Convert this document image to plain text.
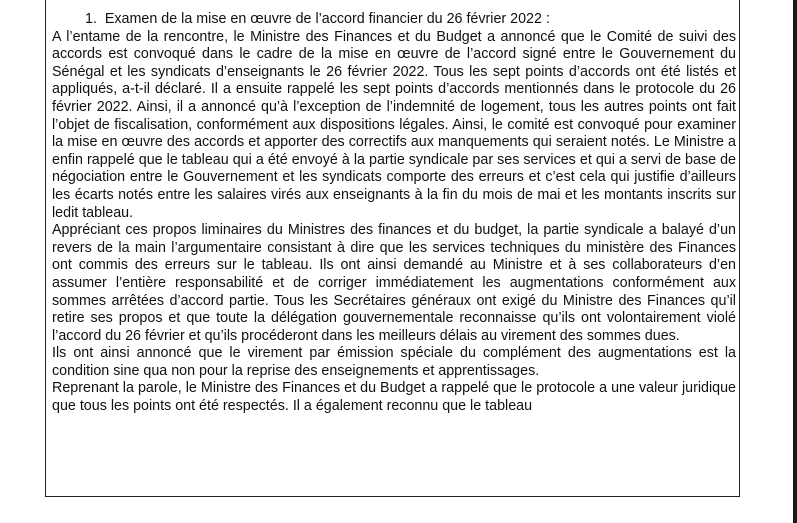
1.  Examen de la mise en œuvre de l’accord financier du 26 février 2022 :

A l’entame de la rencontre, le Ministre des Finances et du Budget a annoncé que le Comité de suivi des accords est convoqué dans le cadre de la mise en œuvre de l’accord signé entre le Gouvernement du Sénégal et les syndicats d’enseignants le 26 février 2022. Tous les sept points d’accords ont été listés et appliqués, a-t-il déclaré. Il a ensuite rappelé les sept points d’accords mentionnés dans le protocole du 26 février 2022. Ainsi, il a annoncé qu’à l’exception de l’indemnité de logement, tous les autres points ont fait l’objet de fiscalisation, conformément aux dispositions légales. Ainsi, le comité est convoqué pour examiner la mise en œuvre des accords et apporter des correctifs aux manquements qui seraient notés. Le Ministre a enfin rappelé que le tableau qui a été envoyé à la partie syndicale par ses services et qui a servi de base de négociation entre le Gouvernement et les syndicats comporte des erreurs et c’est cela qui justifie d’ailleurs les écarts notés entre les salaires virés aux enseignants à la fin du mois de mai et les montants inscrits sur ledit tableau.

Appréciant ces propos liminaires du Ministres des finances et du budget, la partie syndicale a balayé d’un revers de la main l’argumentaire consistant à dire que les services techniques du ministère des Finances ont commis des erreurs sur le tableau. Ils ont ainsi demandé au Ministre et à ses collaborateurs d’en assumer l’entière responsabilité et de corriger immédiatement les augmentations conformément aux sommes arrêtées d’accord partie. Tous les Secrétaires généraux ont exigé du Ministre des Finances qu’il retire ses propos et que toute la délégation gouvernementale reconnaisse qu’ils ont volontairement violé l’accord du 26 février et qu’ils procéderont dans les meilleurs délais au virement des sommes dues.

Ils ont ainsi annoncé que le virement par émission spéciale du complément des augmentations est la condition sine qua non pour la reprise des enseignements et apprentissages.

Reprenant la parole, le Ministre des Finances et du Budget a rappelé que le protocole a une valeur juridique que tous les points ont été respectés. Il a également reconnu que le tableau
